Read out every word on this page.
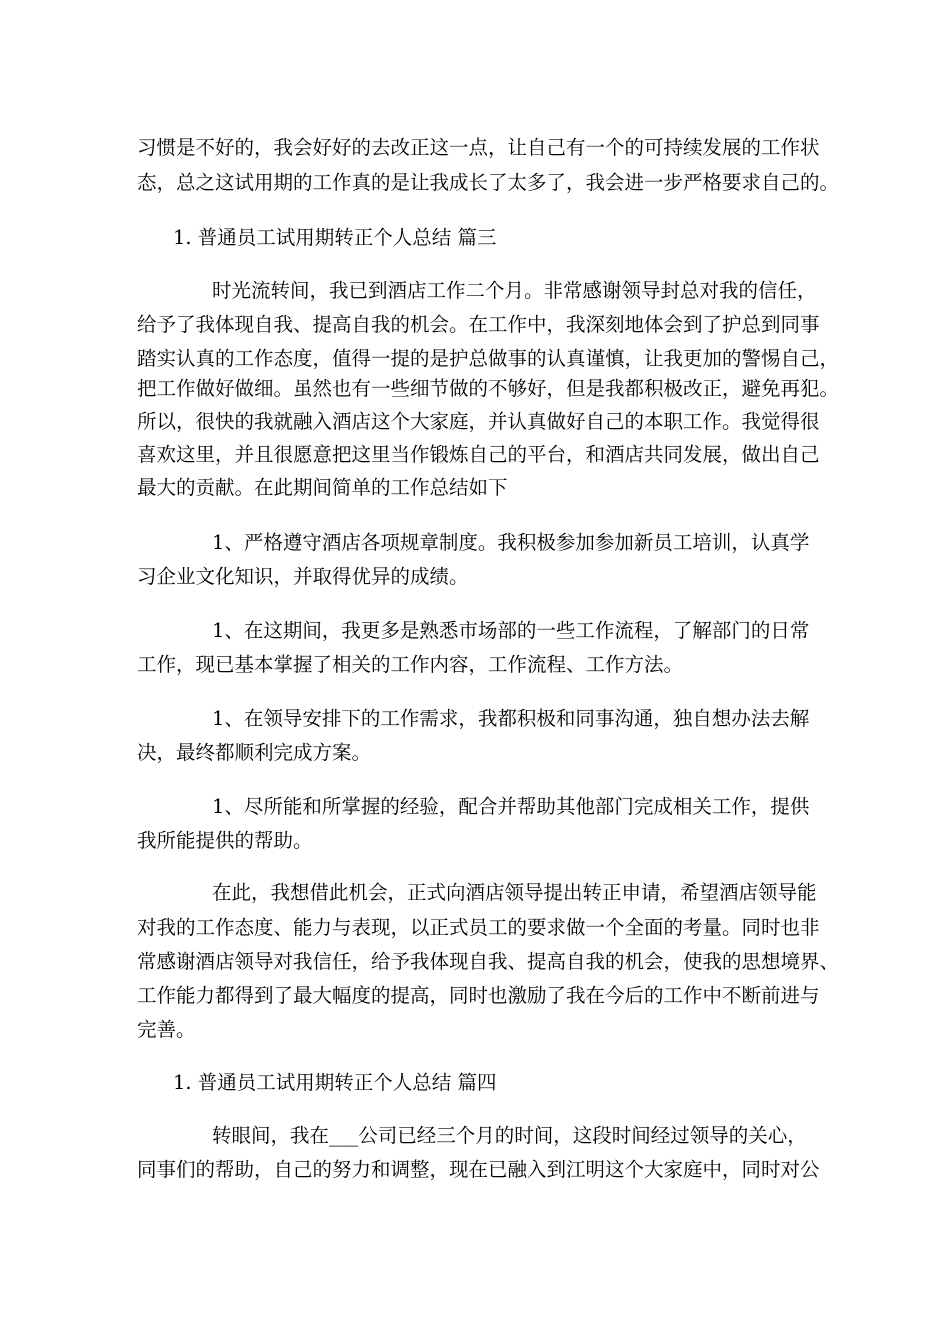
习惯是不好的，我会好好的去改正这一点，让自己有一个的可持续发展的工作状
态，总之这试用期的工作真的是让我成长了太多了，我会进一步严格要求自己的。
1. 普通员工试用期转正个人总结 篇三
时光流转间，我已到酒店工作二个月。非常感谢领导封总对我的信任，
给予了我体现自我、提高自我的机会。在工作中，我深刻地体会到了护总到同事
踏实认真的工作态度，值得一提的是护总做事的认真谨慎，让我更加的警惕自己，
把工作做好做细。虽然也有一些细节做的不够好，但是我都积极改正，避免再犯。
所以，很快的我就融入酒店这个大家庭，并认真做好自己的本职工作。我觉得很
喜欢这里，并且很愿意把这里当作锻炼自己的平台，和酒店共同发展，做出自己
最大的贡献。在此期间简单的工作总结如下
1、严格遵守酒店各项规章制度。我积极参加参加新员工培训，认真学
习企业文化知识，并取得优异的成绩。
1、在这期间，我更多是熟悉市场部的一些工作流程，了解部门的日常
工作，现已基本掌握了相关的工作内容，工作流程、工作方法。
1、在领导安排下的工作需求，我都积极和同事沟通，独自想办法去解
决，最终都顺利完成方案。
1、尽所能和所掌握的经验，配合并帮助其他部门完成相关工作，提供
我所能提供的帮助。
在此，我想借此机会，正式向酒店领导提出转正申请，希望酒店领导能
对我的工作态度、能力与表现，以正式员工的要求做一个全面的考量。同时也非
常感谢酒店领导对我信任，给予我体现自我、提高自我的机会，使我的思想境界、
工作能力都得到了最大幅度的提高，同时也激励了我在今后的工作中不断前进与
完善。
1. 普通员工试用期转正个人总结 篇四
转眼间，我在___公司已经三个月的时间，这段时间经过领导的关心，
同事们的帮助，自己的努力和调整，现在已融入到江明这个大家庭中，同时对公
